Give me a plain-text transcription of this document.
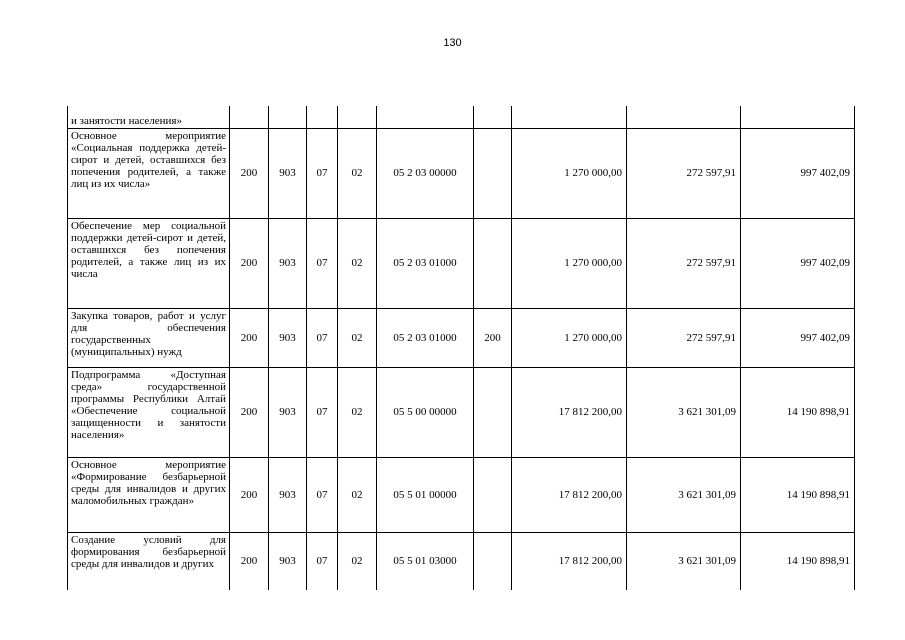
130
и занятости населения»									
Основное мероприятие «Социальная поддержка детей-сирот и детей, оставшихся без попечения родителей, а также лиц из их числа»	200	903	07	02	05 2 03 00000		1 270 000,00	272 597,91	997 402,09
Обеспечение мер социальной поддержки детей-сирот и детей, оставшихся без попечения родителей, а также лиц из их числа	200	903	07	02	05 2 03 01000		1 270 000,00	272 597,91	997 402,09
Закупка товаров, работ и услуг для обеспечения государственных (муниципальных) нужд	200	903	07	02	05 2 03 01000	200	1 270 000,00	272 597,91	997 402,09
Подпрограмма «Доступная среда» государственной программы Республики Алтай «Обеспечение социальной защищенности и занятости населения»	200	903	07	02	05 5 00 00000		17 812 200,00	3 621 301,09	14 190 898,91
Основное мероприятие «Формирование безбарьерной среды для инвалидов и других маломобильных граждан»	200	903	07	02	05 5 01 00000		17 812 200,00	3 621 301,09	14 190 898,91
Создание условий для формирования безбарьерной среды для инвалидов и других	200	903	07	02	05 5 01 03000		17 812 200,00	3 621 301,09	14 190 898,91
